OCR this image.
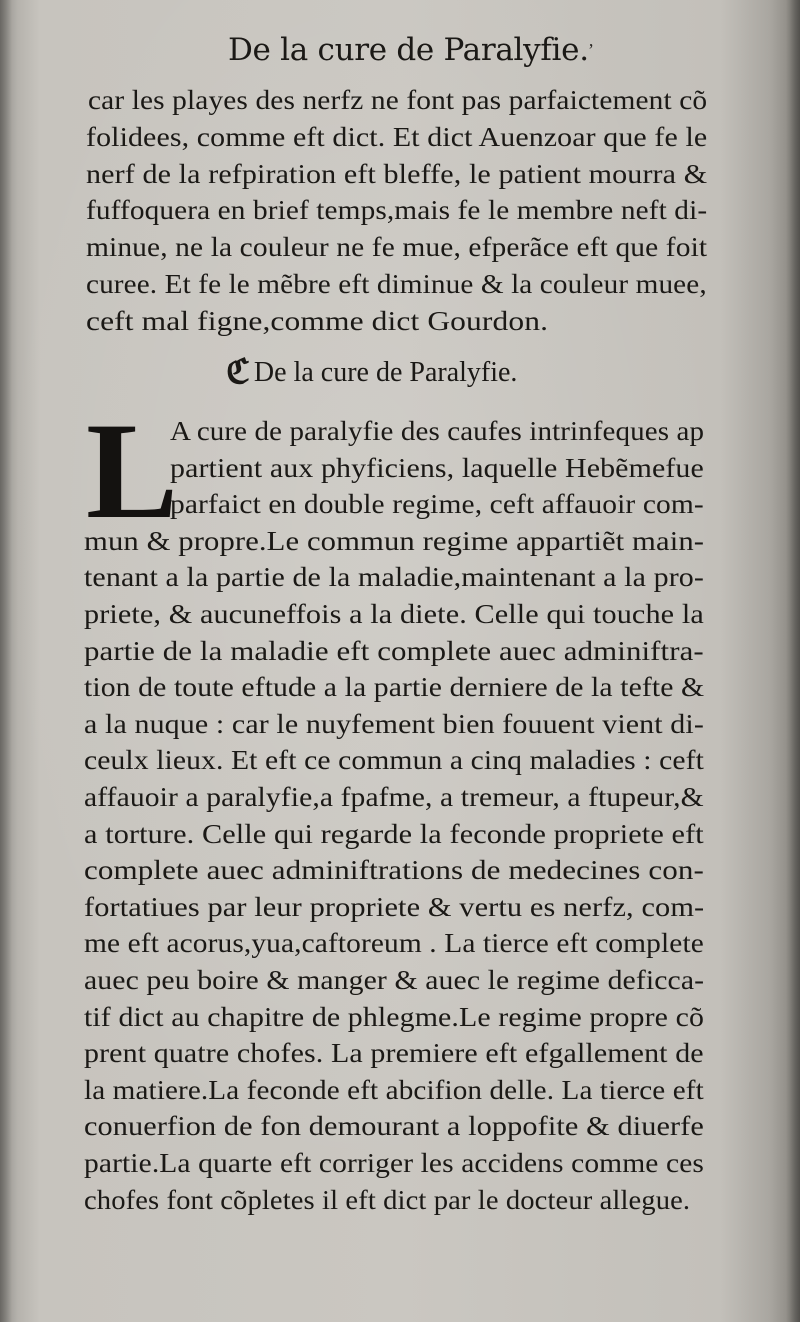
De la cure de Paralyfie.
car les playes des nerfz ne font pas parfaictement cõ
folidees, comme eft dict. Et dict Auenzoar que fe le
nerf de la refpiration eft bleffe, le patient mourra &
fuffoquera en brief temps,mais fe le membre neft di-
minue, ne la couleur ne fe mue, efperãce eft que foit
curee. Et fe le mẽbre eft diminue & la couleur muee,
ceft mal figne,comme dict Gourdon.
ℭ De la cure de Paralyfie.
L
A cure de paralyfie des caufes intrinfeques ap
partient aux phyficiens, laquelle Hebẽmefue
parfaict en double regime, ceft affauoir com-
mun & propre.Le commun regime appartiẽt main-
tenant a la partie de la maladie,maintenant a la pro-
priete, & aucuneffois a la diete. Celle qui touche la
partie de la maladie eft complete auec adminiftra-
tion de toute eftude a la partie derniere de la tefte &
a la nuque : car le nuyfement bien fouuent vient di-
ceulx lieux. Et eft ce commun a cinq maladies : ceft
affauoir a paralyfie,a fpafme, a tremeur, a ftupeur,&
a torture. Celle qui regarde la feconde propriete eft
complete auec adminiftrations de medecines con-
fortatiues par leur propriete & vertu es nerfz, com-
me eft acorus,yua,caftoreum . La tierce eft complete
auec peu boire & manger & auec le regime deficca-
tif dict au chapitre de phlegme.Le regime propre cõ
prent quatre chofes. La premiere eft efgallement de
la matiere.La feconde eft abcifion delle. La tierce eft
conuerfion de fon demourant a loppofite & diuerfe
partie.La quarte eft corriger les accidens comme ces
chofes font cõpletes il eft dict par le docteur allegue.
ʼ
